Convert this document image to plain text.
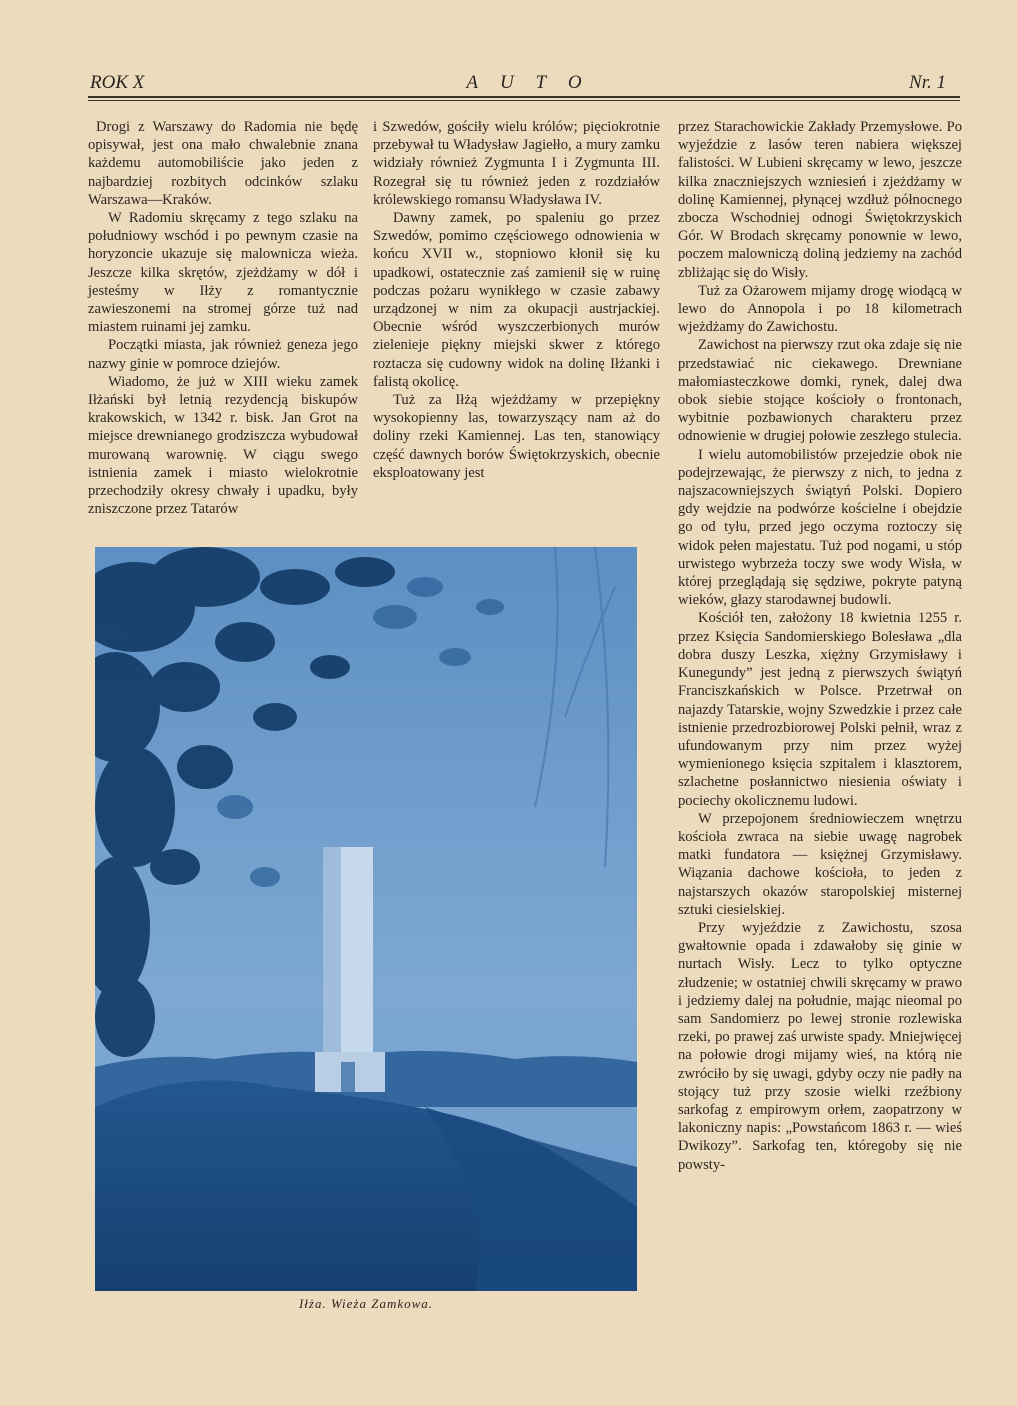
ROK X	AUTO	Nr. 1

Drogi z Warszawy do Radomia nie będę opisywał, jest ona mało chwalebnie znana każdemu automobiliście jako jeden z najbardziej rozbitych odcinków szlaku Warszawa—Kraków.

W Radomiu skręcamy z tego szlaku na południowy wschód i po pewnym czasie na horyzoncie ukazuje się malownicza wieża. Jeszcze kilka skrętów, zjeżdżamy w dół i jesteśmy w Iłży z romantycznie zawieszonemi na stromej górze tuż nad miastem ruinami jej zamku.

Początki miasta, jak również geneza jego nazwy ginie w pomroce dziejów.

Wiadomo, że już w XIII wieku zamek Iłżański był letnią rezydencją biskupów krakowskich, w 1342 r. bisk. Jan Grot na miejsce drewnianego grodziszcza wybudował murowaną warownię. W ciągu swego istnienia zamek i miasto wielokrotnie przechodziły okresy chwały i upadku, były zniszczone przez Tatarów

i Szwedów, gościły wielu królów; pięciokrotnie przebywał tu Władysław Jagiełło, a mury zamku widziały również Zygmunta I i Zygmunta III. Rozegrał się tu również jeden z rozdziałów królewskiego romansu Władysława IV.

Dawny zamek, po spaleniu go przez Szwedów, pomimo częściowego odnowienia w końcu XVII w., stopniowo kłonił się ku upadkowi, ostatecznie zaś zamienił się w ruinę podczas pożaru wynikłego w czasie zabawy urządzonej w nim za okupacji austrjackiej. Obecnie wśród wyszczerbionych murów zieleniеje piękny miejski skwer z którego roztacza się cudowny widok na dolinę Iłżanki i falistą okolicę.

Tuż za Iłżą wjeżdżamy w przepiękny wysokopienny las, towarzyszący nam aż do doliny rzeki Kamiennej. Las ten, stanowiący część dawnych borów Świętokrzyskich, obecnie eksploatowany jest

przez Starachowickie Zakłady Przemysłowe. Po wyjeździe z lasów teren nabiera większej falistości. W Lubieni skręcamy w lewo, jeszcze kilka znaczniejszych wzniesień i zjeżdżamy w dolinę Kamiennej, płynącej wzdłuż północnego zbocza Wschodniej odnogi Świętokrzyskich Gór. W Brodach skręcamy ponownie w lewo, poczem malowniczą doliną jedziemy na zachód zbliżając się do Wisły.

Tuż za Ożarowem mijamy drogę wiodącą w lewo do Annopola i po 18 kilometrach wjeżdżamy do Zawichostu.

Zawichost na pierwszy rzut oka zdaje się nie przedstawiać nic ciekawego. Drewniane małomiasteczkowe domki, rynek, dalej dwa obok siebie stojące kościoły o frontonach, wybitnie pozbawionych charakteru przez odnowienie w drugiej połowie zeszłego stulecia.

I wielu automobilistów przejedzie obok nie podejrzewając, że pierwszy z nich, to jedna z najszacowniejszych świątyń Polski. Dopiero gdy wejdzie na podwórze kościelne i obejdzie go od tyłu, przed jego oczyma roztoczy się widok pełen majestatu. Tuż pod nogami, u stóp urwistego wybrzeża toczy swe wody Wisła, w której przeglądają się sędziwe, pokryte patyną wieków, głazy starodawnej budowli.

Kościół ten, założony 18 kwietnia 1255 r. przez Księcia Sandomierskiego Bolesława „dla dobra duszy Leszka, xiężny Grzymisławy i Kunegundy” jest jedną z pierwszych świątyń Franciszkańskich w Polsce. Przetrwał on najazdy Tatarskie, wojny Szwedzkie i przez całe istnienie przedrozbiorowej Polski pełnił, wraz z ufundowanym przy nim przez wyżej wymienionego księcia szpitalem i klasztorem, szlachetne posłannictwo niesienia oświaty i pociechy okolicznemu ludowi.

W przepojonem średniowieczem wnętrzu kościoła zwraca na siebie uwagę nagrobek matki fundatora — księżnej Grzymisławy. Wiązania dachowe kościoła, to jeden z najstarszych okazów staropolskiej misternej sztuki ciesielskiej.

Przy wyjeździe z Zawichostu, szosa gwałtownie opada i zdawałoby się ginie w nurtach Wisły. Lecz to tylko optyczne złudzenie; w ostatniej chwili skręcamy w prawo i jedziemy dalej na południe, mając nieomal po sam Sandomierz po lewej stronie rozlewiska rzeki, po prawej zaś urwiste spady. Mniejwięcej na połowie drogi mijamy wieś, na którą nie zwróciło by się uwagi, gdyby oczy nie padły na stojący tuż przy szosie wielki rzeźbiony sarkofag z empirowym orłem, zaopatrzony w lakoniczny napis: „Powstańcom 1863 r. — wieś Dwikozy”. Sarkofag ten, któregoby się nie powsty-

Iłża. Wieża Zamkowa.
